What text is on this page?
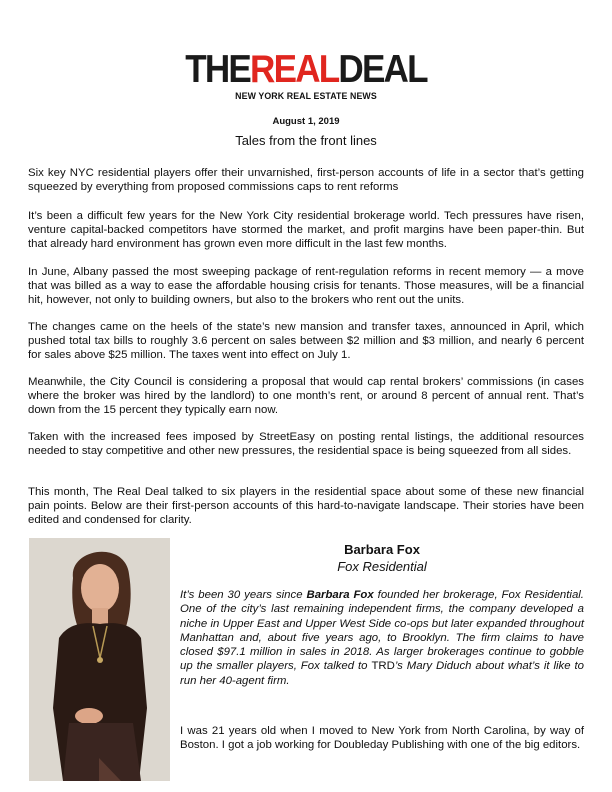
THEREALDEAL
NEW YORK REAL ESTATE NEWS
August 1, 2019
Tales from the front lines

Six key NYC residential players offer their unvarnished, first-person accounts of life in a sector that’s getting squeezed by everything from proposed commissions caps to rent reforms

It’s been a difficult few years for the New York City residential brokerage world. Tech pressures have risen, venture capital-backed competitors have stormed the market, and profit margins have been paper-thin. But that already hard environment has grown even more difficult in the last few months.

In June, Albany passed the most sweeping package of rent-regulation reforms in recent memory — a move that was billed as a way to ease the affordable housing crisis for tenants. Those measures, will be a financial hit, however, not only to building owners, but also to the brokers who rent out the units.

The changes came on the heels of the state’s new mansion and transfer taxes, announced in April, which pushed total tax bills to roughly 3.6 percent on sales between $2 million and $3 million, and nearly 6 percent for sales above $25 million. The taxes went into effect on July 1.

Meanwhile, the City Council is considering a proposal that would cap rental brokers’ commissions (in cases where the broker was hired by the landlord) to one month’s rent, or around 8 percent of annual rent. That’s down from the 15 percent they typically earn now.

Taken with the increased fees imposed by StreetEasy on posting rental listings, the additional resources needed to stay competitive and other new pressures, the residential space is being squeezed from all sides.

This month, The Real Deal talked to six players in the residential space about some of these new financial pain points. Below are their first-person accounts of this hard-to-navigate landscape. Their stories have been edited and condensed for clarity.

Barbara Fox
Fox Residential

It’s been 30 years since Barbara Fox founded her brokerage, Fox Residential. One of the city’s last remaining independent firms, the company developed a niche in Upper East and Upper West Side co-ops but later expanded throughout Manhattan and, about five years ago, to Brooklyn. The firm claims to have closed $97.1 million in sales in 2018. As larger brokerages continue to gobble up the smaller players, Fox talked to TRD’s Mary Diduch about what’s it like to run her 40-agent firm.

I was 21 years old when I moved to New York from North Carolina, by way of Boston. I got a job working for Doubleday Publishing with one of the big editors.
